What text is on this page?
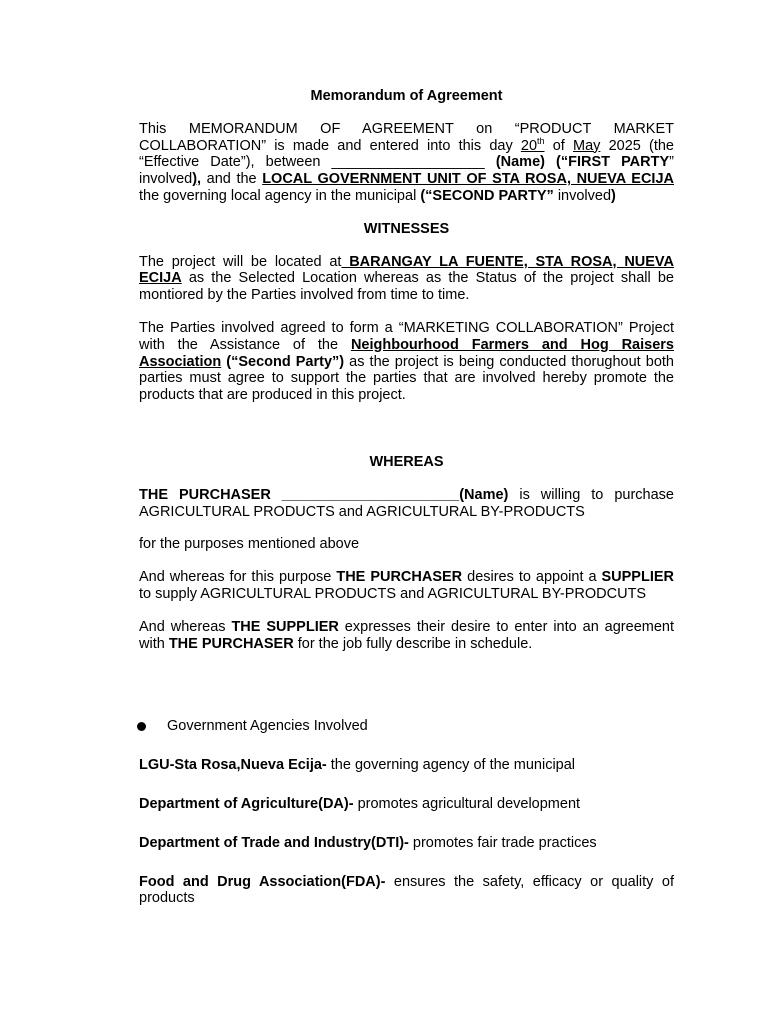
Memorandum of Agreement

This MEMORANDUM OF AGREEMENT on “PRODUCT MARKET COLLABORATION” is made and entered into this day 20th of May 2025 (the “Effective Date”), between ___________________ (Name) (“FIRST PARTY” involved), and the LOCAL GOVERNMENT UNIT OF STA ROSA, NUEVA ECIJA the governing local agency in the municipal (“SECOND PARTY” involved)

WITNESSES

The project will be located at BARANGAY LA FUENTE, STA ROSA, NUEVA ECIJA as the Selected Location whereas as the Status of the project shall be montiored by the Parties involved from time to time.

The Parties involved agreed to form a “MARKETING COLLABORATION” Project with the Assistance of the Neighbourhood Farmers and Hog Raisers Association (“Second Party”) as the project is being conducted thorughout both parties must agree to support the parties that are involved hereby promote the products that are produced in this project.

WHEREAS

THE PURCHASER ______________________(Name) is willing to purchase AGRICULTURAL PRODUCTS and AGRICULTURAL BY-PRODUCTS

for the purposes mentioned above

And whereas for this purpose THE PURCHASER desires to appoint a SUPPLIER to supply AGRICULTURAL PRODUCTS and AGRICULTURAL BY-PRODCUTS

And whereas THE SUPPLIER expresses their desire to enter into an agreement with THE PURCHASER for the job fully describe in schedule.

Government Agencies Involved
LGU-Sta Rosa,Nueva Ecija- the governing agency of the municipal
Department of Agriculture(DA)- promotes agricultural development
Department of Trade and Industry(DTI)- promotes fair trade practices
Food and Drug Association(FDA)- ensures the safety, efficacy or quality of products
